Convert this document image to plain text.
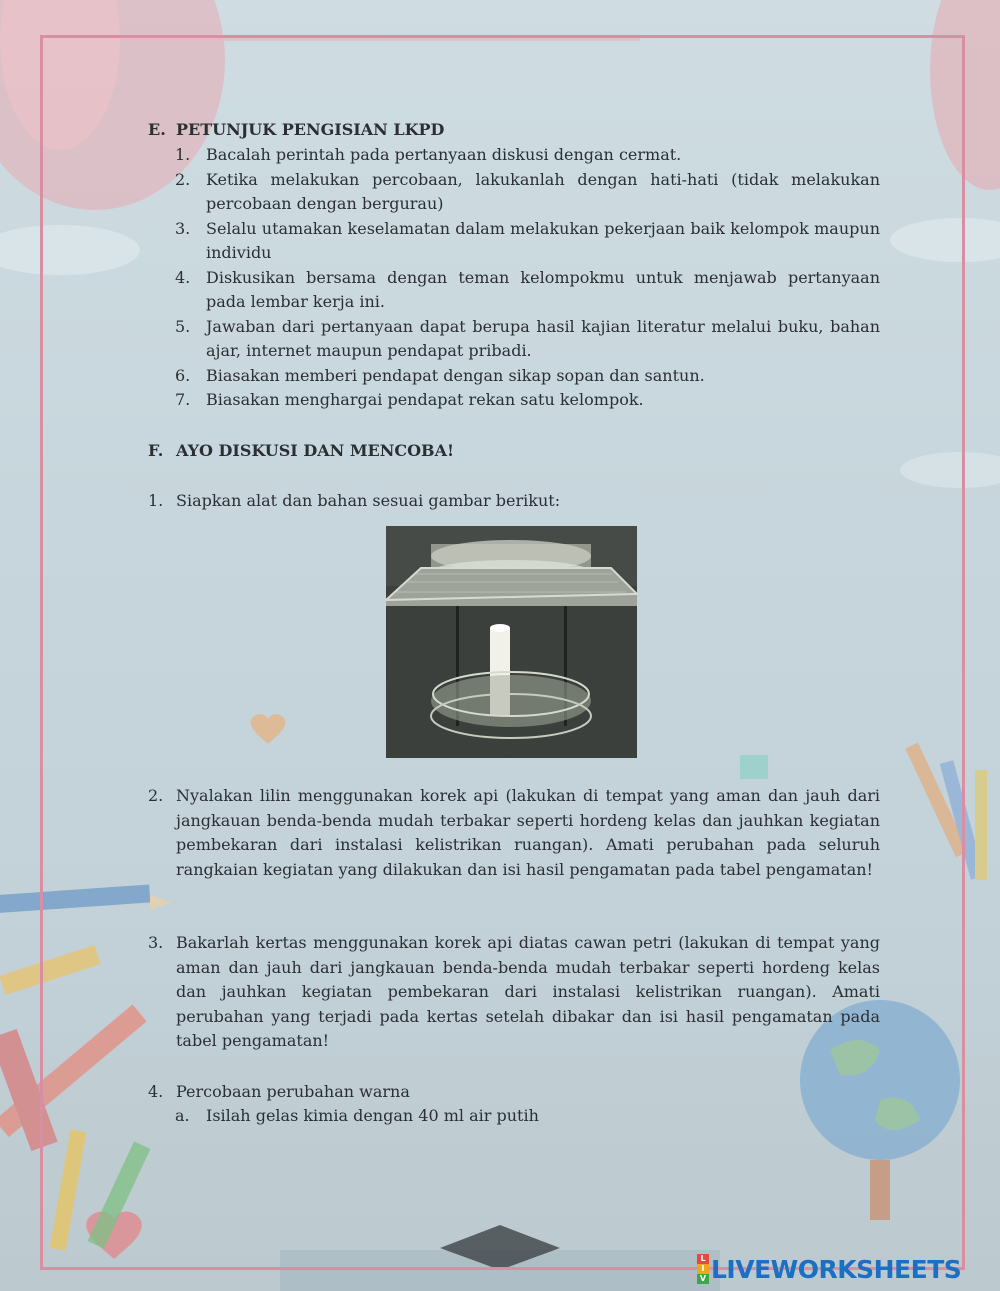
E. PETUNJUK PENGISIAN LKPD
1. Bacalah perintah pada pertanyaan diskusi dengan cermat.
2. Ketika melakukan percobaan, lakukanlah dengan hati-hati (tidak melakukan percobaan dengan bergurau)
3. Selalu utamakan keselamatan dalam melakukan pekerjaan baik kelompok maupun individu
4. Diskusikan bersama dengan teman kelompokmu untuk menjawab pertanyaan pada lembar kerja ini.
5. Jawaban dari pertanyaan dapat berupa hasil kajian literatur melalui buku, bahan ajar, internet maupun pendapat pribadi.
6. Biasakan memberi pendapat dengan sikap sopan dan santun.
7. Biasakan menghargai pendapat rekan satu kelompok.
F. AYO DISKUSI DAN MENCOBA!
1. Siapkan alat dan bahan sesuai gambar berikut:
2. Nyalakan lilin menggunakan korek api (lakukan di tempat yang aman dan jauh dari jangkauan benda-benda mudah terbakar seperti hordeng kelas dan jauhkan kegiatan pembekaran dari instalasi kelistrikan ruangan). Amati perubahan pada seluruh rangkaian kegiatan yang dilakukan dan isi hasil pengamatan pada tabel pengamatan!
3. Bakarlah kertas menggunakan korek api diatas cawan petri (lakukan di tempat yang aman dan jauh dari jangkauan benda-benda mudah terbakar seperti hordeng kelas dan jauhkan kegiatan pembekaran dari instalasi kelistrikan ruangan). Amati perubahan yang terjadi pada kertas setelah dibakar dan isi hasil pengamatan pada tabel pengamatan!
4. Percobaan perubahan warna
a. Isilah gelas kimia dengan 40 ml air putih
L
I
V LIVEWORKSHEETS
